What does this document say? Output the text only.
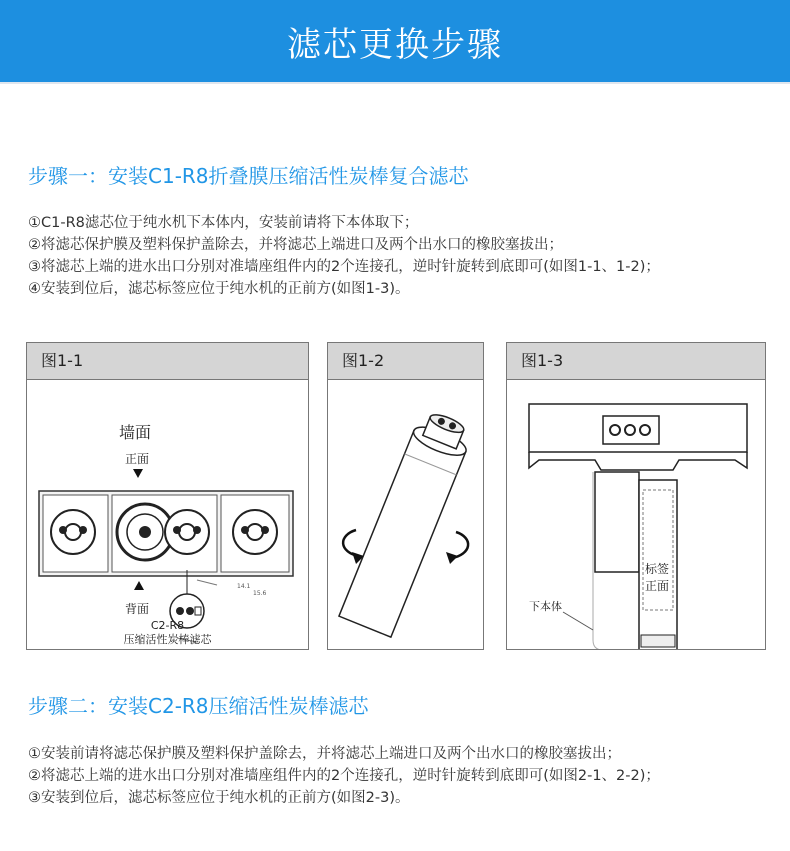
滤芯更换步骤
步骤一：安装C1-R8折叠膜压缩活性炭棒复合滤芯
①C1-R8滤芯位于纯水机下本体内，安装前请将下本体取下；
②将滤芯保护膜及塑料保护盖除去，并将滤芯上端进口及两个出水口的橡胶塞拔出；
③将滤芯上端的进水出口分别对准墙座组件内的2个连接孔，逆时针旋转到底即可(如图1-1、1-2)；
④安装到位后，滤芯标签应位于纯水机的正前方(如图1-3)。
图1-1
墙面
正面
14.1
15.6
背面
C2-R8
压缩活性炭棒滤芯
图1-2	图1-3
下本体
标签
正面
步骤二：安装C2-R8压缩活性炭棒滤芯
①安装前请将滤芯保护膜及塑料保护盖除去，并将滤芯上端进口及两个出水口的橡胶塞拔出；
②将滤芯上端的进水出口分别对准墙座组件内的2个连接孔，逆时针旋转到底即可(如图2-1、2-2)；
③安装到位后，滤芯标签应位于纯水机的正前方(如图2-3)。
